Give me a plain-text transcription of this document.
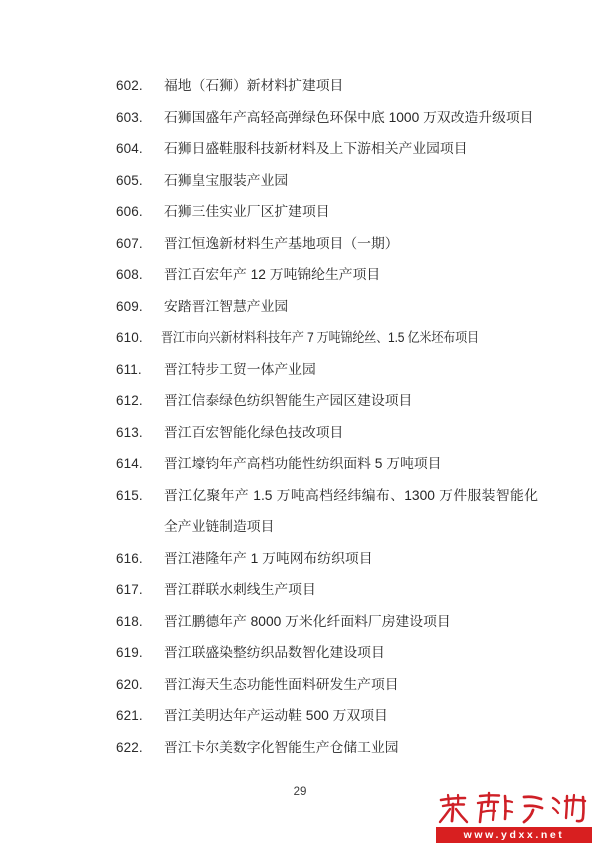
602.	福地（石狮）新材料扩建项目
603.	石狮国盛年产高轻高弹绿色环保中底 1000 万双改造升级项目
604.	石狮日盛鞋服科技新材料及上下游相关产业园项目
605.	石狮皇宝服装产业园
606.	石狮三佳实业厂区扩建项目
607.	晋江恒逸新材料生产基地项目（一期）
608.	晋江百宏年产 12 万吨锦纶生产项目
609.	安踏晋江智慧产业园
610.	晋江市向兴新材料科技年产 7 万吨锦纶丝、1.5 亿米坯布项目
611.	晋江特步工贸一体产业园
612.	晋江信泰绿色纺织智能生产园区建设项目
613.	晋江百宏智能化绿色技改项目
614.	晋江壕钧年产高档功能性纺织面料 5 万吨项目
615.	晋江亿聚年产 1.5 万吨高档经纬编布、1300 万件服装智能化全产业链制造项目
616.	晋江港隆年产 1 万吨网布纺织项目
617.	晋江群联水刺线生产项目
618.	晋江鹏德年产 8000 万米化纤面料厂房建设项目
619.	晋江联盛染整纺织品数智化建设项目
620.	晋江海天生态功能性面料研发生产项目
621.	晋江美明达年产运动鞋 500 万双项目
622.	晋江卡尔美数字化智能生产仓储工业园
29
www.ydxx.net
